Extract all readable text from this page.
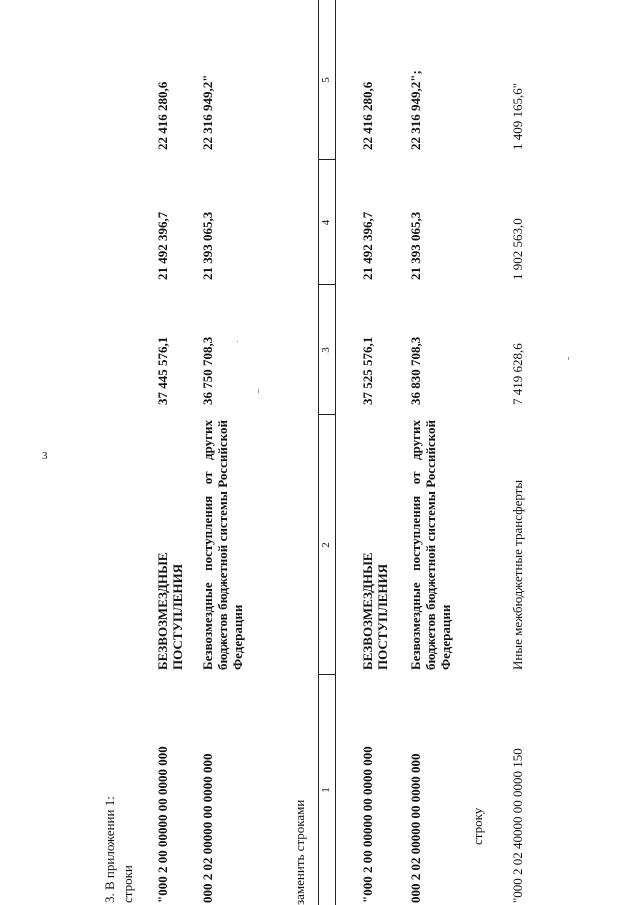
3
3. В приложении 1: строки "000 2 00 00000 00 0000 000
БЕЗВОЗМЕЗДНЫЕ ПОСТУПЛЕНИЯ
37 445 576,1
21 492 396,7
22 416 280,6
000 2 02 00000 00 0000 000
Безвозмездные поступления от других бюджетов бюджетной системы Российской Федерации
36 750 708,3
21 393 065,3
22 316 949,2"
заменить строками
1
2
3
4
5
"000 2 00 00000 00 0000 000
БЕЗВОЗМЕЗДНЫЕ ПОСТУПЛЕНИЯ
37 525 576,1
21 492 396,7
22 416 280,6
000 2 02 00000 00 0000 000
Безвозмездные поступления от других бюджетов бюджетной системы Российской Федерации
36 830 708,3
21 393 065,3
22 316 949,2";
строку "000 2 02 40000 00 0000 150
Иные межбюджетные трансферты
7 419 628,6
1 902 563,0
1 409 165,6"
